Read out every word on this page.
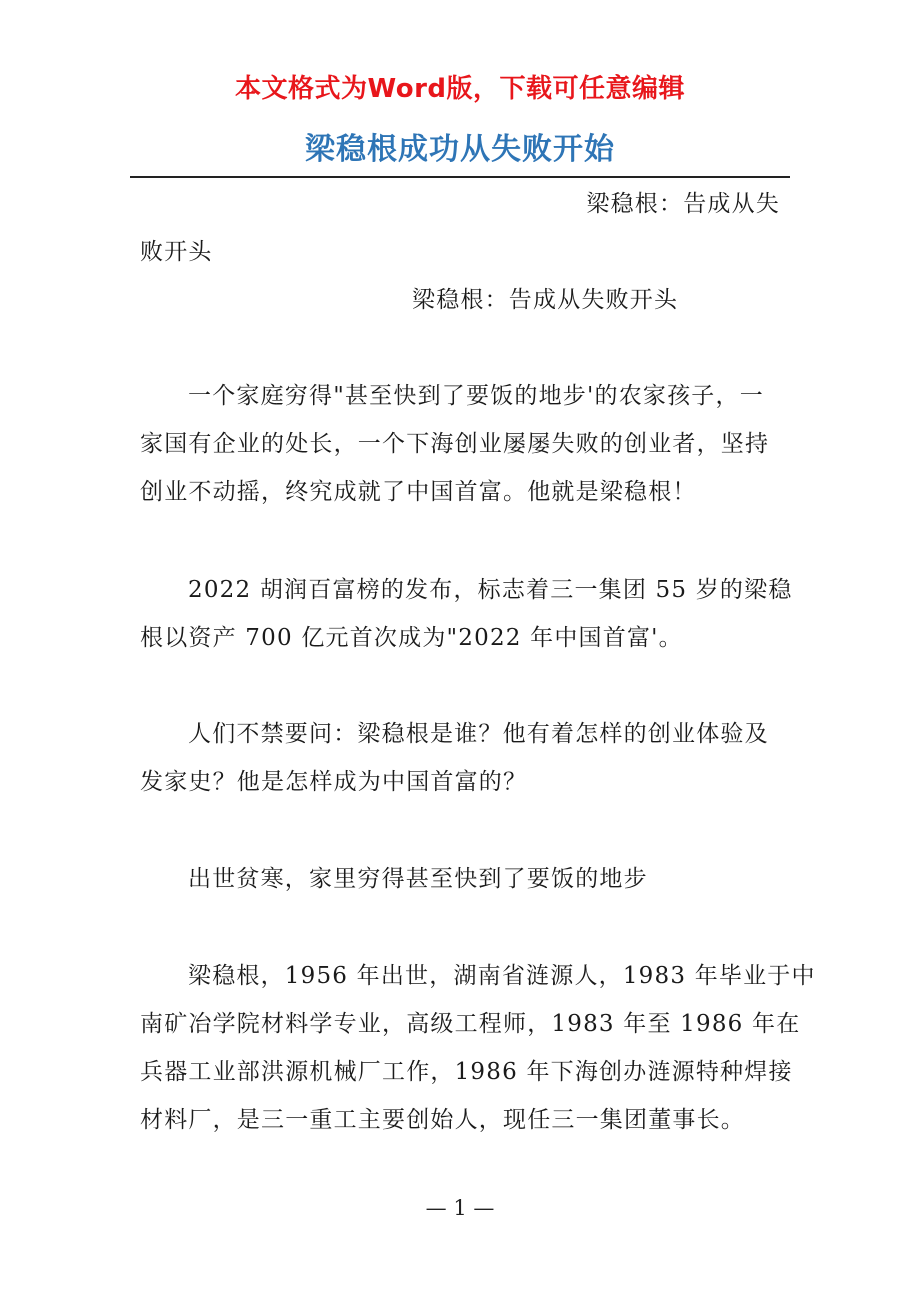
本文格式为Word版，下载可任意编辑
梁稳根成功从失败开始
梁稳根：告成从失
败开头
梁稳根：告成从失败开头
一个家庭穷得"甚至快到了要饭的地步'的农家孩子，一
家国有企业的处长，一个下海创业屡屡失败的创业者，坚持
创业不动摇，终究成就了中国首富。他就是梁稳根！
2022 胡润百富榜的发布，标志着三一集团 55 岁的梁稳
根以资产 700 亿元首次成为"2022 年中国首富'。
人们不禁要问：梁稳根是谁？他有着怎样的创业体验及
发家史？他是怎样成为中国首富的？
出世贫寒，家里穷得甚至快到了要饭的地步
梁稳根，1956 年出世，湖南省涟源人，1983 年毕业于中
南矿冶学院材料学专业，高级工程师，1983 年至 1986 年在
兵器工业部洪源机械厂工作，1986 年下海创办涟源特种焊接
材料厂，是三一重工主要创始人，现任三一集团董事长。
— 1 —
